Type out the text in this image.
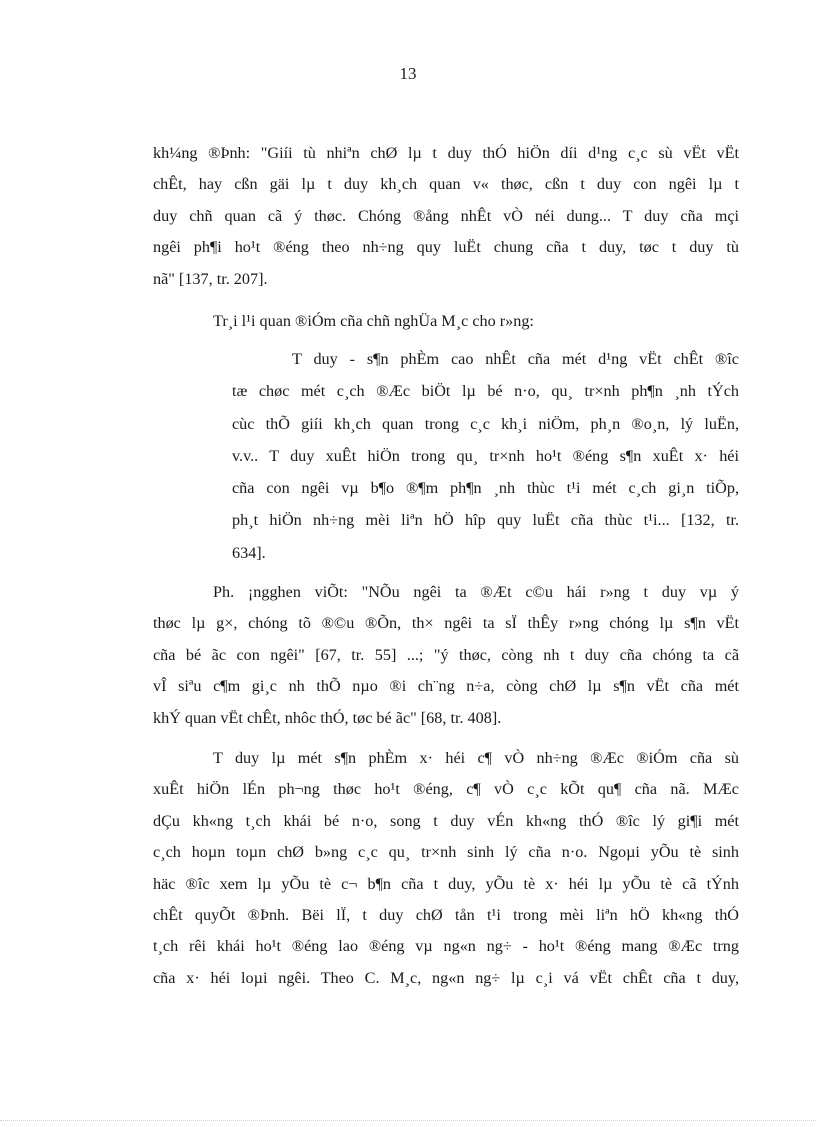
13
kh¼ng ®Þnh: "Giíi tù nhiªn chØ lµ t duy thÓ hiÖn díi d¹ng c¸c sù vËt vËt
chÊt, hay cßn gäi lµ t duy kh¸ch quan v« thøc, cßn t duy con ngêi lµ t
duy chñ quan cã ý thøc. Chóng ®ång nhÊt vÒ néi dung... T duy cña mçi
ngêi ph¶i ho¹t ®éng theo nh÷ng quy luËt chung cña t duy, tøc t duy tù
nã" [137, tr. 207].
Tr¸i l¹i quan ®iÓm cña chñ nghÜa M¸c cho r»ng:
T duy - s¶n phÈm cao nhÊt cña mét d¹ng vËt chÊt ®îc
tæ chøc mét c¸ch ®Æc biÖt lµ bé n·o, qu¸ tr×nh ph¶n ¸nh tÝch
cùc thÕ giíi kh¸ch quan trong c¸c kh¸i niÖm, ph¸n ®o¸n, lý luËn,
v.v.. T duy xuÊt hiÖn trong qu¸ tr×nh ho¹t ®éng s¶n xuÊt x· héi
cña con ngêi vµ b¶o ®¶m ph¶n ¸nh thùc t¹i mét c¸ch gi¸n tiÕp,
ph¸t hiÖn nh÷ng mèi liªn hÖ hîp quy luËt cña thùc t¹i... [132, tr.
634].
Ph. ¡ngghen viÕt: "NÕu ngêi ta ®Æt c©u hái r»ng t duy vµ ý
thøc lµ g×, chóng tõ ®©u ®Õn, th× ngêi ta sÏ thÊy r»ng chóng lµ s¶n vËt
cña bé ãc con ngêi" [67, tr. 55] ...; "ý thøc, còng nh t duy cña chóng ta cã
vÎ siªu c¶m gi¸c nh thÕ nµo ®i ch¨ng n÷a, còng chØ lµ s¶n vËt cña mét
khÝ quan vËt chÊt, nhôc thÓ, tøc bé ãc" [68, tr. 408].
T duy lµ mét s¶n phÈm x· héi c¶ vÒ nh÷ng ®Æc ®iÓm cña sù
xuÊt hiÖn lÉn ph¬ng thøc ho¹t ®éng, c¶ vÒ c¸c kÕt qu¶ cña nã. MÆc
dÇu kh«ng t¸ch khái bé n·o, song t duy vÉn kh«ng thÓ ®îc lý gi¶i mét
c¸ch hoµn toµn chØ b»ng c¸c qu¸ tr×nh sinh lý cña n·o. Ngoµi yÕu tè sinh
häc ®îc xem lµ yÕu tè c¬ b¶n cña t duy, yÕu tè x· héi lµ yÕu tè cã tÝnh
chÊt quyÕt ®Þnh. Bëi lÏ, t duy chØ tån t¹i trong mèi liªn hÖ kh«ng thÓ
t¸ch rêi khái ho¹t ®éng lao ®éng vµ ng«n ng÷ - ho¹t ®éng mang ®Æc trng
cña x· héi loµi ngêi. Theo C. M¸c, ng«n ng÷ lµ c¸i vá vËt chÊt cña t duy,
